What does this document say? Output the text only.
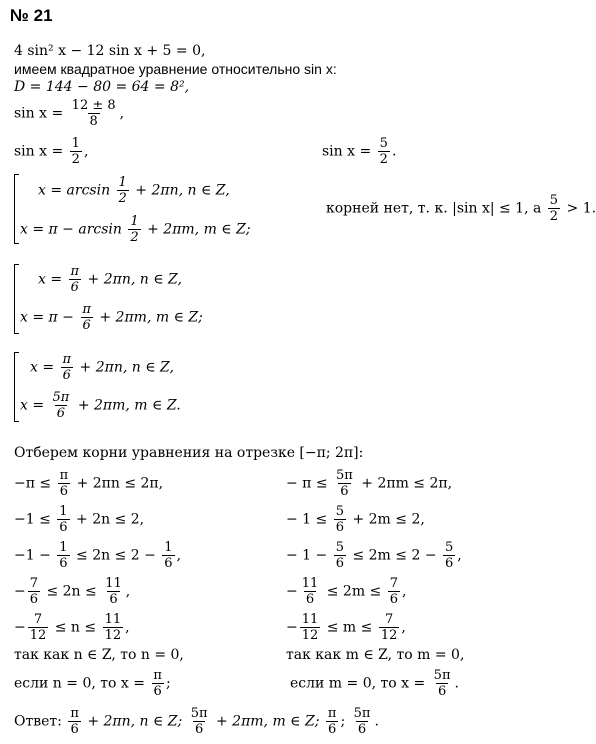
№ 21
4 sin² x − 12 sin x + 5 = 0,
имеем квадратное уравнение относительно sin x:
D = 144 − 80 = 64 = 8²,
$\sin x = \frac{12 \pm 8}{8}$ ,
$\sin x = \frac{1}{2}$ ,	$\sin x = \frac{5}{2}$ .
$x = \arcsin \frac{1}{2} + 2\pi n$, n ∈ Z,
$x = \pi - \arcsin \frac{1}{2} + 2\pi m$, m ∈ Z;
корней нет, т. к. |sin x| ≤ 1, а $\frac{5}{2} > 1$.
$x = \frac{\pi}{6} + 2\pi n$, n ∈ Z,
$x = \pi - \frac{\pi}{6} + 2\pi m$, m ∈ Z;
$x = \frac{\pi}{6} + 2\pi n$, n ∈ Z,
$x = \frac{5\pi}{6} + 2\pi m$, m ∈ Z.
Отберем корни уравнения на отрезке [−π; 2π]:
$-\pi \le \frac{\pi}{6} + 2\pi n \le 2\pi$,
$-1 \le \frac{1}{6} + 2n \le 2$,
$-1 - \frac{1}{6} \le 2n \le 2 - \frac{1}{6}$ ,
− $\frac{7}{6} \le 2n \le \frac{11}{6}$ ,
− $\frac{7}{12} \le n \le \frac{11}{12}$ ,
так как n ∈ Z, то n = 0,
если n = 0, то $x = \frac{\pi}{6}$ ;
− $\pi \le \frac{5\pi}{6} + 2\pi m \le 2\pi$,
− $1 \le \frac{5}{6} + 2m \le 2$,
− $1 - \frac{5}{6} \le 2m \le 2 - \frac{5}{6}$ ,
− $\frac{11}{6} \le 2m \le \frac{7}{6}$ ,
− $\frac{11}{12} \le m \le \frac{7}{12}$ ,
так как m ∈ Z, то m = 0,
если m = 0, то $x = \frac{5\pi}{6}$ .
Ответ: $\frac{\pi}{6} + 2\pi n$, n ∈ Z; $\frac{5\pi}{6} + 2\pi m$, m ∈ Z; $\frac{\pi}{6}$ ; $\frac{5\pi}{6}$ .
